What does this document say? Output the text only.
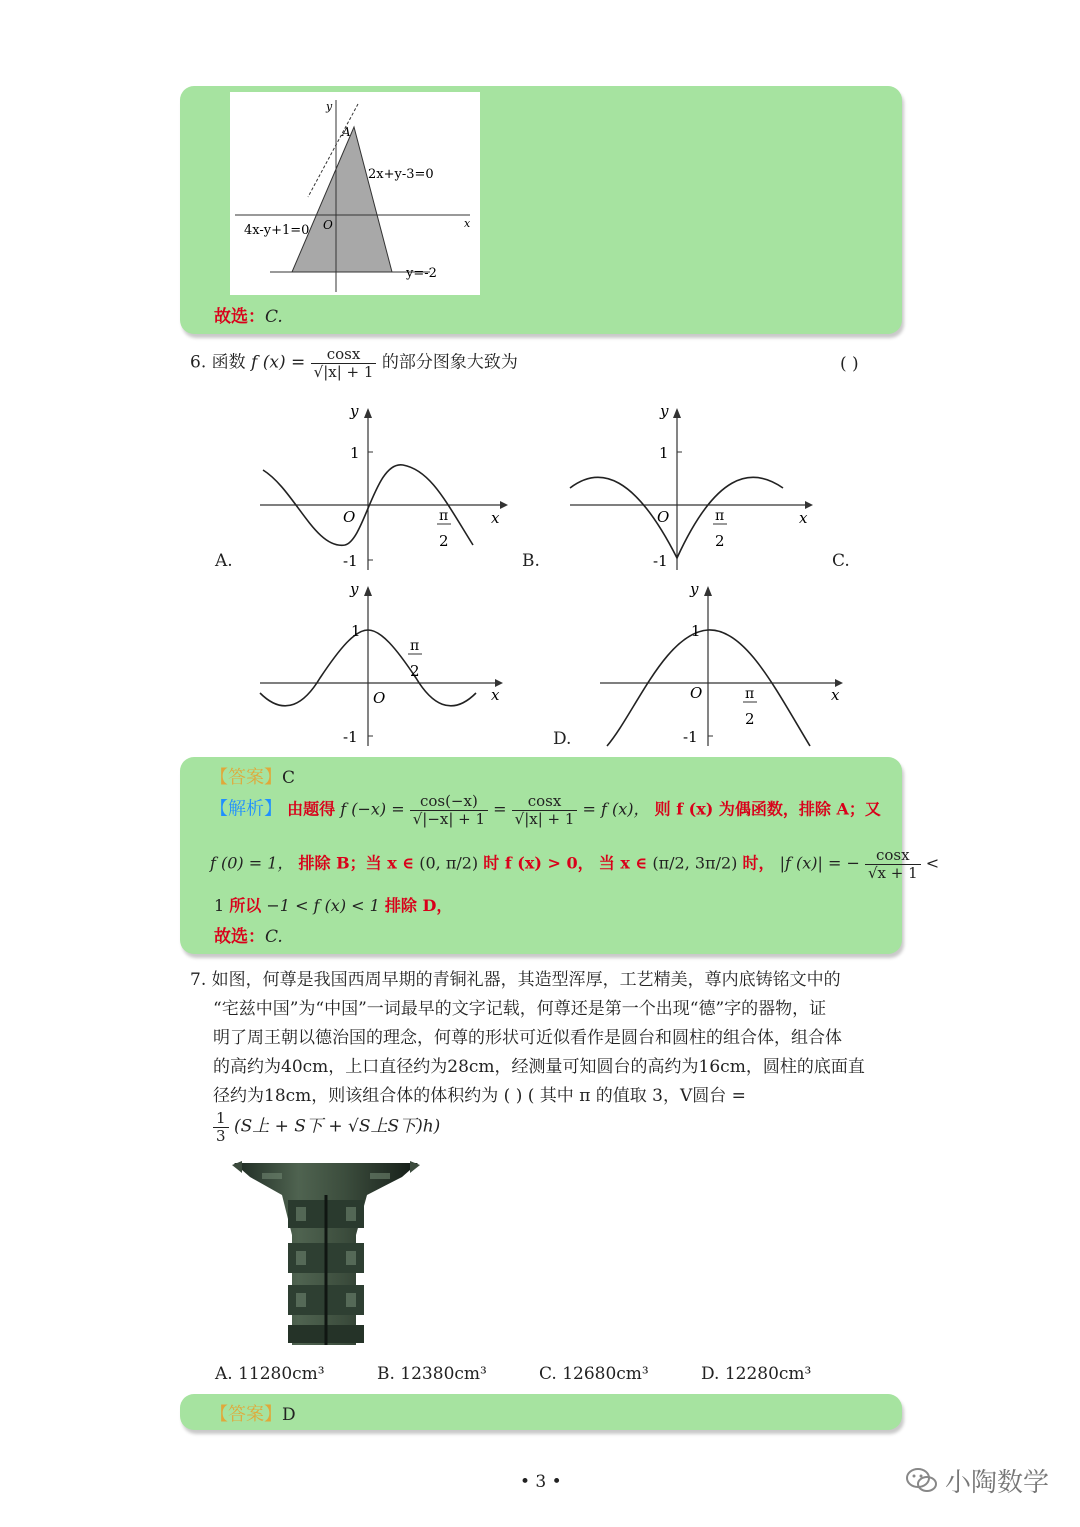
y
x
O
A
2x+y-3=0
4x-y+1=0
y=-2
故选：C.
6. 函数 f $(x) = \frac{\cos x}{√|x| + 1}$ 的部分图象大致为	( )
y
x
O
1
-1
π
2
A.
y
x
O
1
-1
π
2
B.	C.
y
x
O
1
-1
π
2
y
x
O
1
-1
π
2
D.
【答案】C
【解析】 由题得 f $(-x) = \frac{\cos(-x)}{√|-x| + 1} = \frac{\cos x}{√|x| + 1} = f$ (x)， 则 f (x) 为偶函数，排除 A；又
f (0) = 1， 排除 B；当 x ∈ (0, π/2) 时 f (x) > 0， 当 x ∈ (π/2, 3π/2) 时， |f (x)| = − $\frac{\cos x}{√x + 1}$ <
1 所以 −1 < f (x) < 1 排除 D，
故选：C.
7. 如图，何尊是我国西周早期的青铜礼器，其造型浑厚，工艺精美，尊内底铸铭文中的
“宅兹中国”为“中国”一词最早的文字记载，何尊还是第一个出现“德”字的器物，证
明了周王朝以德治国的理念，何尊的形状可近似看作是圆台和圆柱的组合体，组合体
的高约为40cm，上口直径约为28cm，经测量可知圆台的高约为16cm，圆柱的底面直
径约为18cm，则该组合体的体积约为 ( ) ( 其中 π 的值取 3，V圆台 =
$\frac{1}{3} (S$上 + S下 + √S上S下)h)
A. 11280cm³	B. 12380cm³	C. 12680cm³	D. 12280cm³
【答案】D
• 3 •	小陶数学
